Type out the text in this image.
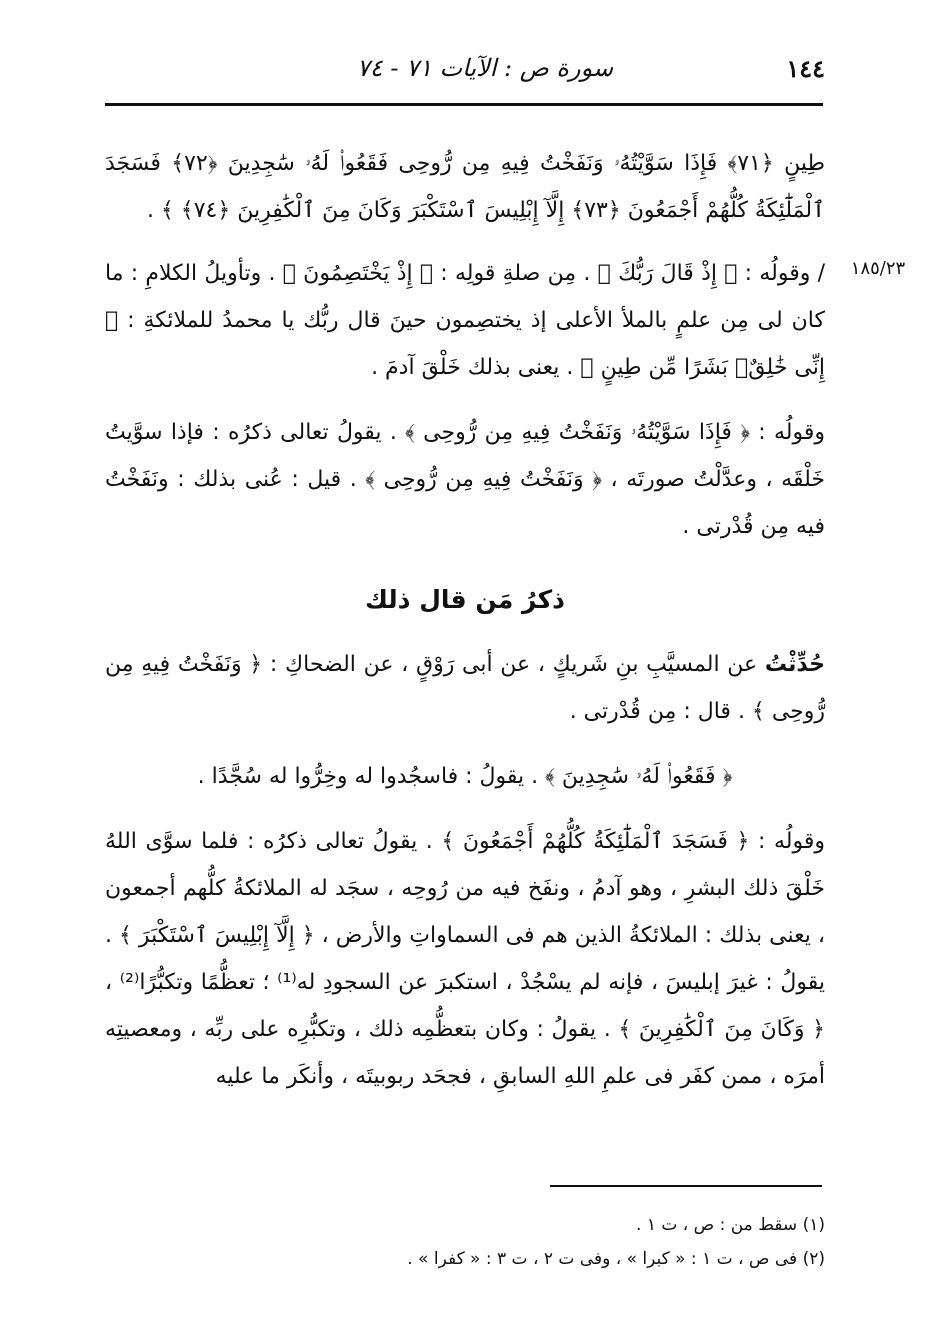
١٤٤
سورة ص : الآيات ٧١ - ٧٤
١٨٥/٢٣

طِينٍ ﴿٧١﴾ فَإِذَا سَوَّيْتُهُۥ وَنَفَخْتُ فِيهِ مِن رُّوحِى فَقَعُوا۟ لَهُۥ سَٰجِدِينَ ﴿٧٢﴾ فَسَجَدَ ٱلْمَلَٰٓئِكَةُ كُلُّهُمْ أَجْمَعُونَ ﴿٧٣﴾ إِلَّآ إِبْلِيسَ ٱسْتَكْبَرَ وَكَانَ مِنَ ٱلْكَٰفِرِينَ ﴿٧٤﴾ ﴾ .

/ وقولُه : ﴿ إِذْ قَالَ رَبُّكَ ﴾ . مِن صلةِ قولِه : ﴿ إِذْ يَخْتَصِمُونَ ﴾ . وتأويلُ الكلامِ : ما كان لى مِن علمٍ بالملأ الأعلى إذ يختصِمون حينَ قال ربُّك يا محمدُ للملائكةِ : ﴿ إِنِّى خَٰلِقٌۢ بَشَرًا مِّن طِينٍ ﴾ . يعنى بذلك خَلْقَ آدمَ .

وقولُه : ﴿ فَإِذَا سَوَّيْتُهُۥ وَنَفَخْتُ فِيهِ مِن رُّوحِى ﴾ . يقولُ تعالى ذكرُه : فإذا سوَّيتُ خَلْقَه ، وعدَّلْتُ صورتَه ، ﴿ وَنَفَخْتُ فِيهِ مِن رُّوحِى ﴾ . قيل : عُنى بذلك : ونَفَخْتُ فيه مِن قُدْرتى .

ذكرُ مَن قال ذلك

حُدِّثْتُ عن المسيَّبِ بنِ شَريكٍ ، عن أبى رَوْقٍ ، عن الضحاكِ : ﴿ وَنَفَخْتُ فِيهِ مِن رُّوحِى ﴾ . قال : مِن قُدْرتى .

﴿ فَقَعُوا۟ لَهُۥ سَٰجِدِينَ ﴾ . يقولُ : فاسجُدوا له وخِرُّوا له سُجَّدًا .

وقولُه : ﴿ فَسَجَدَ ٱلْمَلَٰٓئِكَةُ كُلُّهُمْ أَجْمَعُونَ ﴾ . يقولُ تعالى ذكرُه : فلما سوَّى اللهُ خَلْقَ ذلك البشرِ ، وهو آدمُ ، ونفَخ فيه من رُوحِه ، سجَد له الملائكةُ كلُّهم أجمعون ، يعنى بذلك : الملائكةُ الذين هم فى السماواتِ والأرض ، ﴿ إِلَّآ إِبْلِيسَ ٱسْتَكْبَرَ ﴾ . يقولُ : غيرَ إبليسَ ، فإنه لم يسْجُدْ ، استكبرَ عن السجودِ له⁽¹⁾ ؛ تعظُّمًا وتكبُّرًا⁽²⁾ ، ﴿ وَكَانَ مِنَ ٱلْكَٰفِرِينَ ﴾ . يقولُ : وكان بتعظُّمِه ذلك ، وتكبُّرِه على ربِّه ، ومعصيتِه أمرَه ، ممن كفَر فى علمِ اللهِ السابقِ ، فجحَد ربوبيتَه ، وأنكَر ما عليه

(١) سقط من : ص ، ت ١ .
(٢) فى ص ، ت ١ : « كبرا » ، وفى ت ٢ ، ت ٣ : « كفرا » .
